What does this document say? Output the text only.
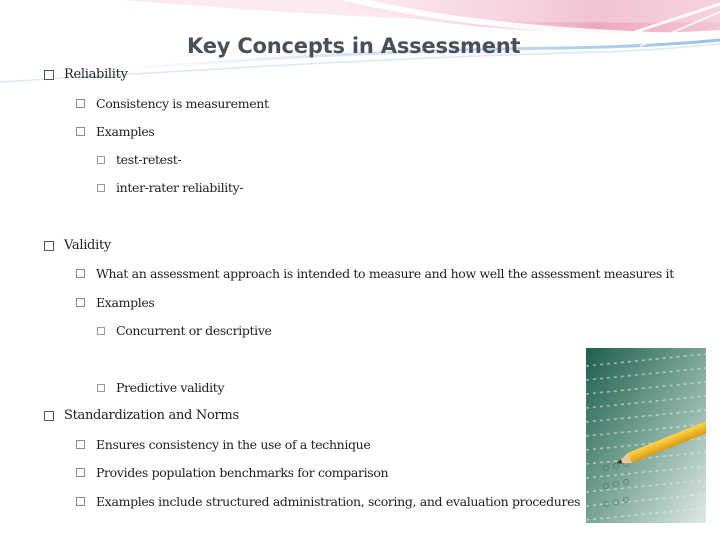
Key Concepts in Assessment
Reliability
Consistency is measurement
Examples
test-retest-
inter-rater reliability-
Validity
What an assessment approach is intended to measure and how well the assessment measures it
Examples
Concurrent or descriptive
Predictive validity
Standardization and Norms
Ensures consistency in the use of a technique
Provides population benchmarks for comparison
Examples include structured administration, scoring, and evaluation procedures
